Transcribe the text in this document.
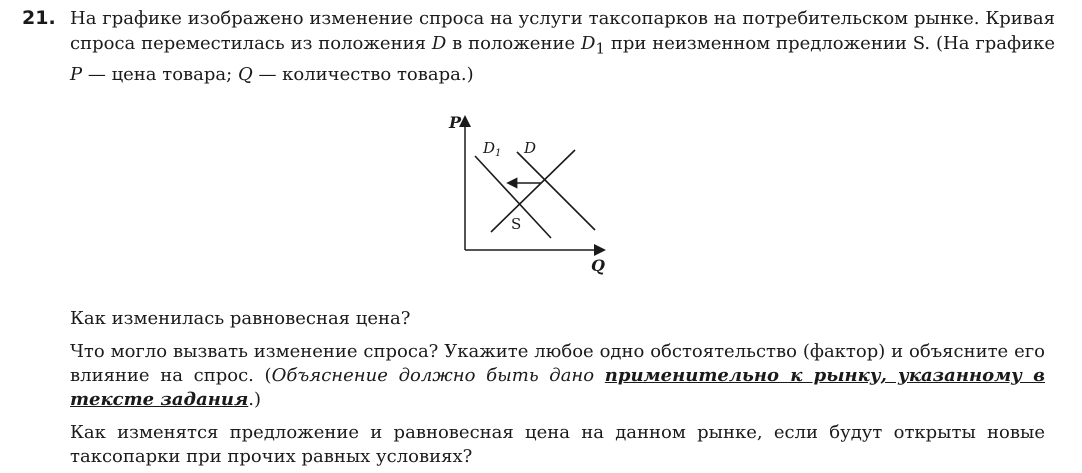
21. На графике изображено изменение спроса на услуги таксопарков на потребительском рынке. Кривая спроса переместилась из положения D в положение $D_1$ при неизменном предложении S. (На графике P — цена товара; Q — количество товара.)

P
Q
$D_1$ D
S

Как изменилась равновесная цена?

Что могло вызвать изменение спроса? Укажите любое одно обстоятельство (фактор) и объясните его влияние на спрос. (Объяснение должно быть дано применительно к рынку, указанному в тексте задания.)

Как изменятся предложение и равновесная цена на данном рынке, если будут открыты новые таксопарки при прочих равных условиях?
